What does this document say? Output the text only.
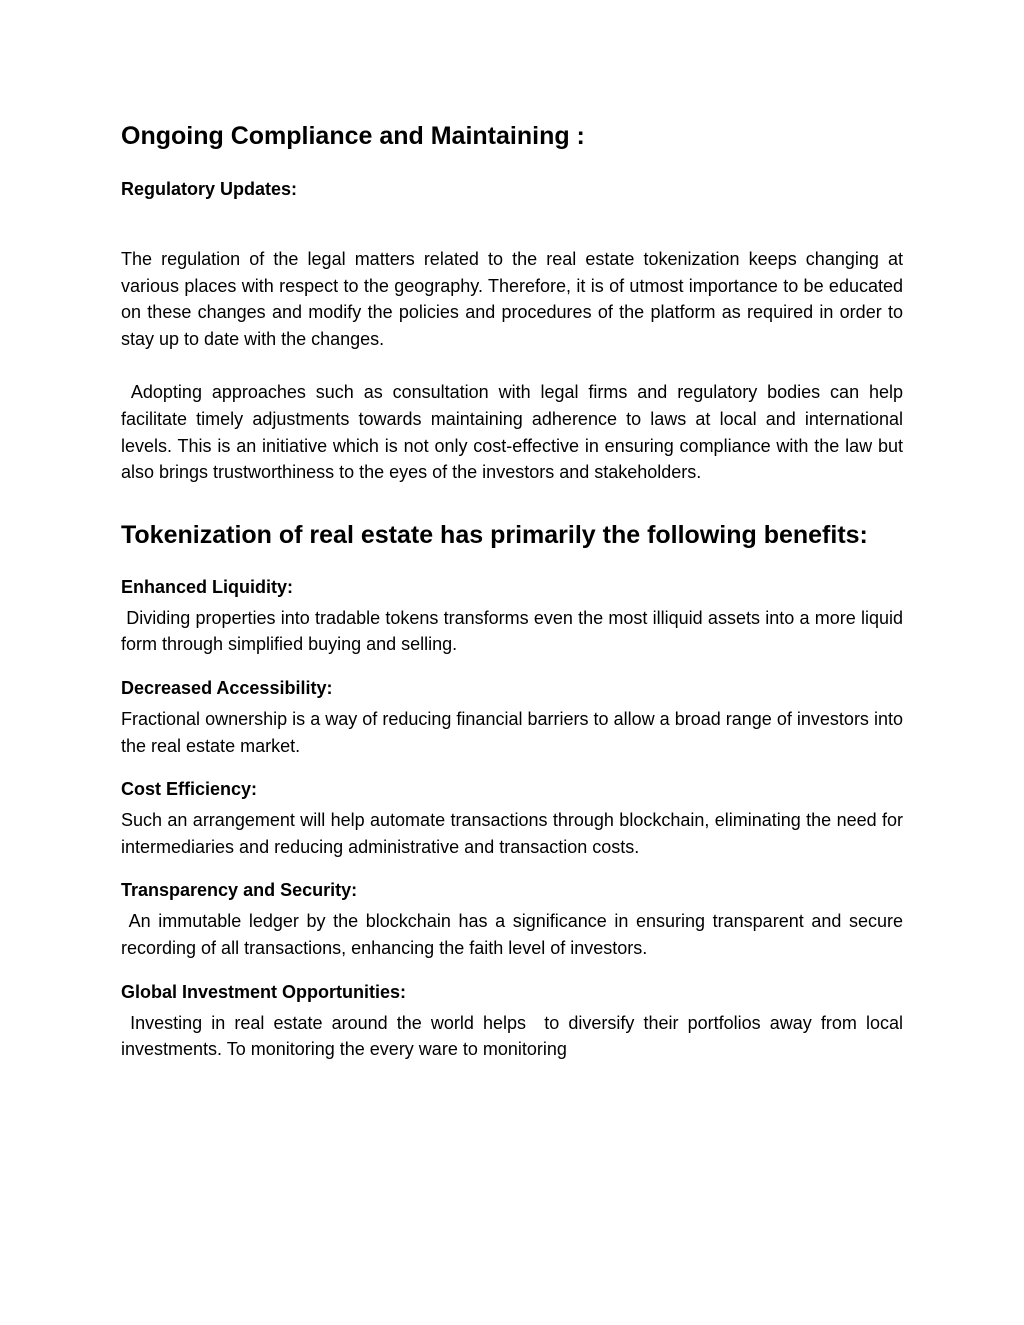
Ongoing Compliance and Maintaining :
Regulatory Updates:

The regulation of the legal matters related to the real estate tokenization keeps changing at various places with respect to the geography. Therefore, it is of utmost importance to be educated on these changes and modify the policies and procedures of the platform as required in order to stay up to date with the changes.

Adopting approaches such as consultation with legal firms and regulatory bodies can help facilitate timely adjustments towards maintaining adherence to laws at local and international levels. This is an initiative which is not only cost-effective in ensuring compliance with the law but also brings trustworthiness to the eyes of the investors and stakeholders.

Tokenization of real estate has primarily the following benefits:
Enhanced Liquidity:

Dividing properties into tradable tokens transforms even the most illiquid assets into a more liquid form through simplified buying and selling.

Decreased Accessibility:

Fractional ownership is a way of reducing financial barriers to allow a broad range of investors into the real estate market.

Cost Efficiency:

Such an arrangement will help automate transactions through blockchain, eliminating the need for intermediaries and reducing administrative and transaction costs.

Transparency and Security:

An immutable ledger by the blockchain has a significance in ensuring transparent and secure recording of all transactions, enhancing the faith level of investors.

Global Investment Opportunities:

Investing in real estate around the world helps  to diversify their portfolios away from local investments. To monitoring the every ware to monitoring
